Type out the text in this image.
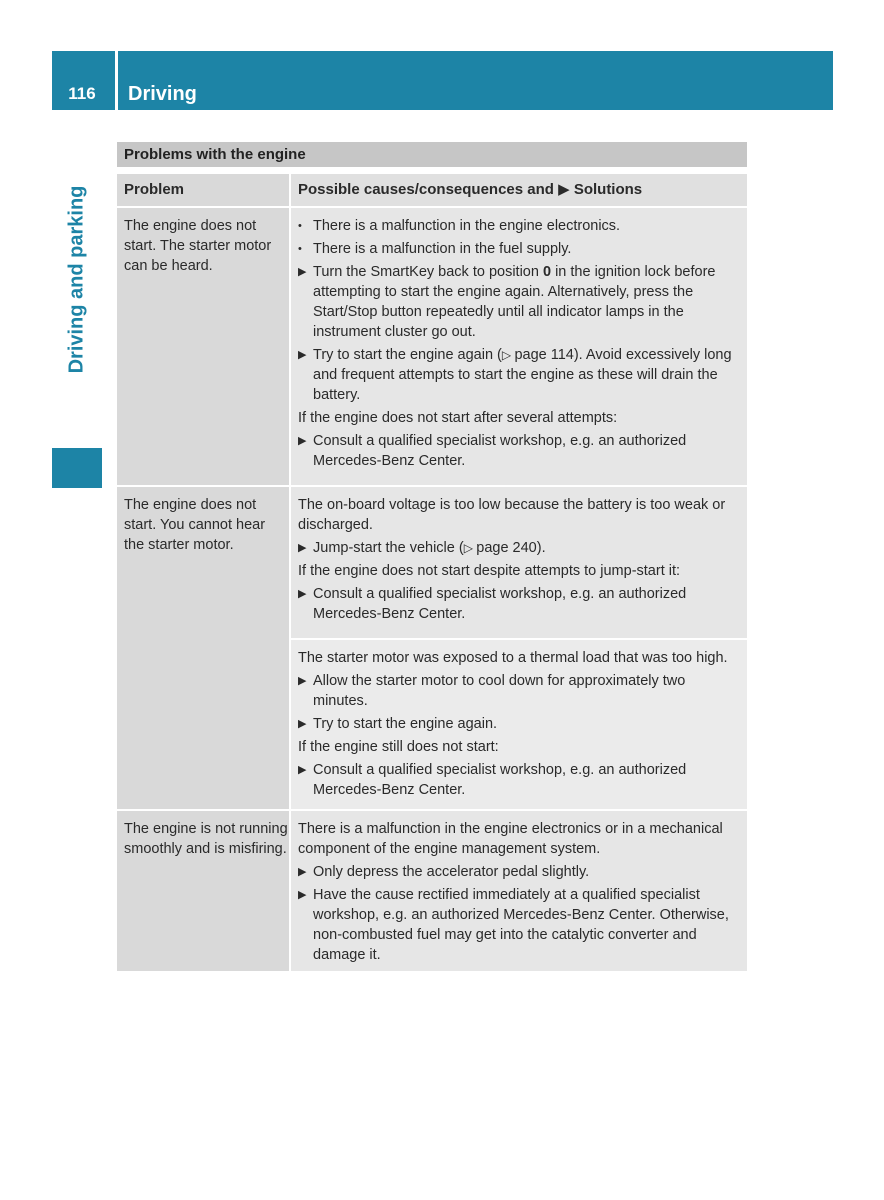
116	Driving
Driving and parking
Problems with the engine
Problem	Possible causes/consequences and ▶ Solutions
The engine does not start. The starter motor can be heard.
• There is a malfunction in the engine electronics.
• There is a malfunction in the fuel supply.
▶ Turn the SmartKey back to position 0 in the ignition lock before attempting to start the engine again. Alternatively, press the Start/Stop button repeatedly until all indicator lamps in the instrument cluster go out.
▶ Try to start the engine again (▷ page 114). Avoid excessively long and frequent attempts to start the engine as these will drain the battery.
If the engine does not start after several attempts:
▶ Consult a qualified specialist workshop, e.g. an authorized Mercedes-Benz Center.
The engine does not start. You cannot hear the starter motor.
The on-board voltage is too low because the battery is too weak or discharged.
▶ Jump-start the vehicle (▷ page 240).
If the engine does not start despite attempts to jump-start it:
▶ Consult a qualified specialist workshop, e.g. an authorized Mercedes-Benz Center.
The starter motor was exposed to a thermal load that was too high.
▶ Allow the starter motor to cool down for approximately two minutes.
▶ Try to start the engine again.
If the engine still does not start:
▶ Consult a qualified specialist workshop, e.g. an authorized Mercedes-Benz Center.
The engine is not running smoothly and is misfiring.
There is a malfunction in the engine electronics or in a mechanical component of the engine management system.
▶ Only depress the accelerator pedal slightly.
▶ Have the cause rectified immediately at a qualified specialist workshop, e.g. an authorized Mercedes-Benz Center. Otherwise, non-combusted fuel may get into the catalytic converter and damage it.
